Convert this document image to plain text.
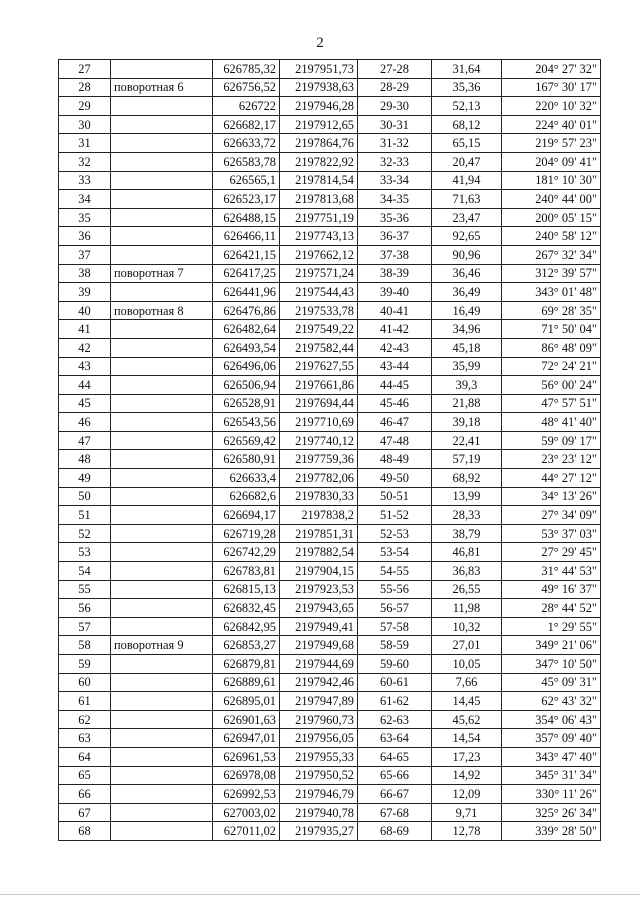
2
27		626785,32	2197951,73	27-28	31,64	204° 27' 32"
28	поворотная 6	626756,52	2197938,63	28-29	35,36	167° 30' 17"
29		626722	2197946,28	29-30	52,13	220° 10' 32"
30		626682,17	2197912,65	30-31	68,12	224° 40' 01"
31		626633,72	2197864,76	31-32	65,15	219° 57' 23"
32		626583,78	2197822,92	32-33	20,47	204° 09' 41"
33		626565,1	2197814,54	33-34	41,94	181° 10' 30"
34		626523,17	2197813,68	34-35	71,63	240° 44' 00"
35		626488,15	2197751,19	35-36	23,47	200° 05' 15"
36		626466,11	2197743,13	36-37	92,65	240° 58' 12"
37		626421,15	2197662,12	37-38	90,96	267° 32' 34"
38	поворотная 7	626417,25	2197571,24	38-39	36,46	312° 39' 57"
39		626441,96	2197544,43	39-40	36,49	343° 01' 48"
40	поворотная 8	626476,86	2197533,78	40-41	16,49	69° 28' 35"
41		626482,64	2197549,22	41-42	34,96	71° 50' 04"
42		626493,54	2197582,44	42-43	45,18	86° 48' 09"
43		626496,06	2197627,55	43-44	35,99	72° 24' 21"
44		626506,94	2197661,86	44-45	39,3	56° 00' 24"
45		626528,91	2197694,44	45-46	21,88	47° 57' 51"
46		626543,56	2197710,69	46-47	39,18	48° 41' 40"
47		626569,42	2197740,12	47-48	22,41	59° 09' 17"
48		626580,91	2197759,36	48-49	57,19	23° 23' 12"
49		626633,4	2197782,06	49-50	68,92	44° 27' 12"
50		626682,6	2197830,33	50-51	13,99	34° 13' 26"
51		626694,17	2197838,2	51-52	28,33	27° 34' 09"
52		626719,28	2197851,31	52-53	38,79	53° 37' 03"
53		626742,29	2197882,54	53-54	46,81	27° 29' 45"
54		626783,81	2197904,15	54-55	36,83	31° 44' 53"
55		626815,13	2197923,53	55-56	26,55	49° 16' 37"
56		626832,45	2197943,65	56-57	11,98	28° 44' 52"
57		626842,95	2197949,41	57-58	10,32	1° 29' 55"
58	поворотная 9	626853,27	2197949,68	58-59	27,01	349° 21' 06"
59		626879,81	2197944,69	59-60	10,05	347° 10' 50"
60		626889,61	2197942,46	60-61	7,66	45° 09' 31"
61		626895,01	2197947,89	61-62	14,45	62° 43' 32"
62		626901,63	2197960,73	62-63	45,62	354° 06' 43"
63		626947,01	2197956,05	63-64	14,54	357° 09' 40"
64		626961,53	2197955,33	64-65	17,23	343° 47' 40"
65		626978,08	2197950,52	65-66	14,92	345° 31' 34"
66		626992,53	2197946,79	66-67	12,09	330° 11' 26"
67		627003,02	2197940,78	67-68	9,71	325° 26' 34"
68		627011,02	2197935,27	68-69	12,78	339° 28' 50"
